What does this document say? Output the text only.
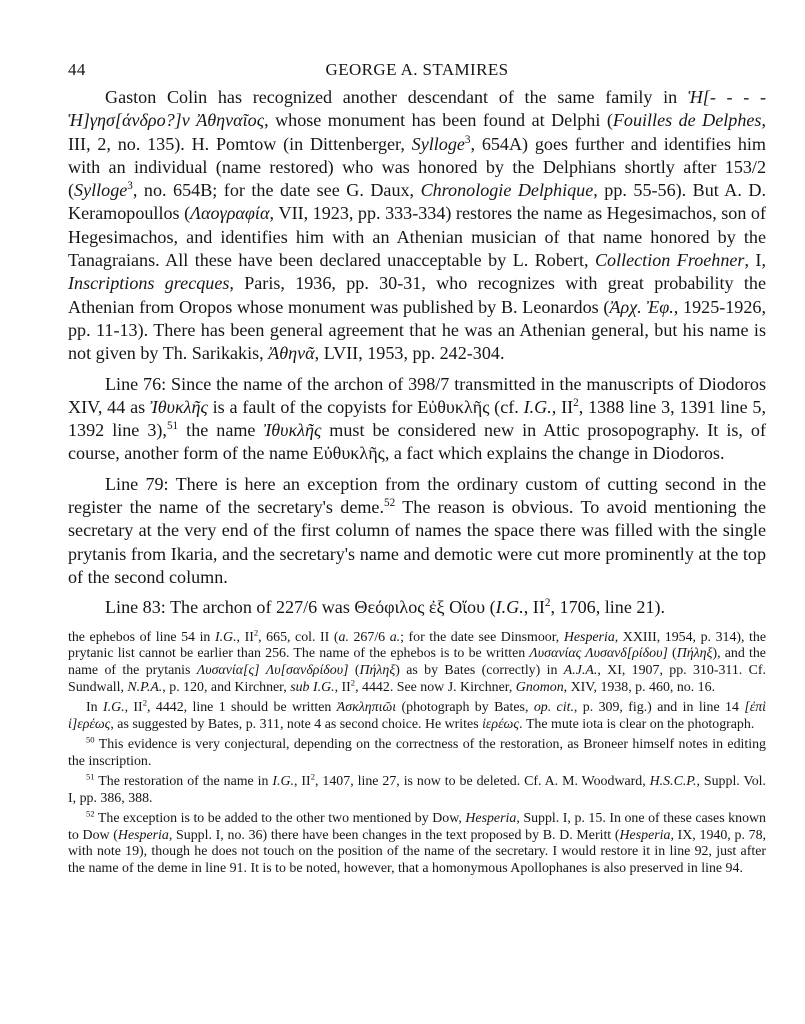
44	GEORGE A. STAMIRES

Gaston Colin has recognized another descendant of the same family in Ἡ[- - - - Ἡ]γησ[άνδρο?]ν Ἀθηναῖος, whose monument has been found at Delphi (Fouilles de Delphes, III, 2, no. 135). H. Pomtow (in Dittenberger, Sylloge$^3$, 654A) goes further and identifies him with an individual (name restored) who was honored by the Delphians shortly after 153/2 (Sylloge$^3$, no. 654B; for the date see G. Daux, Chronologie Delphique, pp. 55-56). But A. D. Keramopoullos (Λαογραφία, VII, 1923, pp. 333-334) restores the name as Hegesimachos, son of Hegesimachos, and identifies him with an Athenian musician of that name honored by the Tanagraians. All these have been declared unacceptable by L. Robert, Collection Froehner, I, Inscriptions grecques, Paris, 1936, pp. 30-31, who recognizes with great probability the Athenian from Oropos whose monument was published by B. Leonardos (Ἀρχ. Ἐφ., 1925-1926, pp. 11-13). There has been general agreement that he was an Athenian general, but his name is not given by Th. Sarikakis, Ἀθηνᾶ, LVII, 1953, pp. 242-304.

Line 76: Since the name of the archon of 398/7 transmitted in the manuscripts of Diodoros XIV, 44 as Ἰθυκλῆς is a fault of the copyists for Εὐθυκλῆς (cf. I.G., $II^2$, 1388 line 3, 1391 line 5, 1392 line 3),$^{51}$ the name Ἰθυκλῆς must be considered new in Attic prosopography. It is, of course, another form of the name Εὐθυκλῆς, a fact which explains the change in Diodoros.

Line 79: There is here an exception from the ordinary custom of cutting second in the register the name of the secretary's deme.$^{52}$ The reason is obvious. To avoid mentioning the secretary at the very end of the first column of names the space there was filled with the single prytanis from Ikaria, and the secretary's name and demotic were cut more prominently at the top of the second column.

Line 83: The archon of 227/6 was Θεόφιλος ἐξ Οἴου (I.G., $II^2$, 1706, line 21).

the ephebos of line 54 in I.G., $II^2$, 665, col. II (a. 267/6 a.; for the date see Dinsmoor, Hesperia, XXIII, 1954, p. 314), the prytanic list cannot be earlier than 256. The name of the ephebos is to be written Λυσανίας Λυσανδ[ρίδου] (Πήληξ), and the name of the prytanis Λυσανία[ς] Λυ[σανδρίδου] (Πήληξ) as by Bates (correctly) in A.J.A., XI, 1907, pp. 310-311. Cf. Sundwall, N.P.A., p. 120, and Kirchner, sub I.G., $II^2$, 4442. See now J. Kirchner, Gnomon, XIV, 1938, p. 460, no. 16.

In I.G., $II^2$, 4442, line 1 should be written Ἀσκληπιῶι (photograph by Bates, op. cit., p. 309, fig.) and in line 14 [ἐπὶ ἱ]ερέως, as suggested by Bates, p. 311, note 4 as second choice. He writes ἱερέως. The mute iota is clear on the photograph.

$^{50}$ This evidence is very conjectural, depending on the correctness of the restoration, as Broneer himself notes in editing the inscription.

$^{51}$ The restoration of the name in I.G., $II^2$, 1407, line 27, is now to be deleted. Cf. A. M. Woodward, H.S.C.P., Suppl. Vol. I, pp. 386, 388.

$^{52}$ The exception is to be added to the other two mentioned by Dow, Hesperia, Suppl. I, p. 15. In one of these cases known to Dow (Hesperia, Suppl. I, no. 36) there have been changes in the text proposed by B. D. Meritt (Hesperia, IX, 1940, p. 78, with note 19), though he does not touch on the position of the name of the secretary. I would restore it in line 92, just after the name of the deme in line 91. It is to be noted, however, that a homonymous Apollophanes is also preserved in line 94.
